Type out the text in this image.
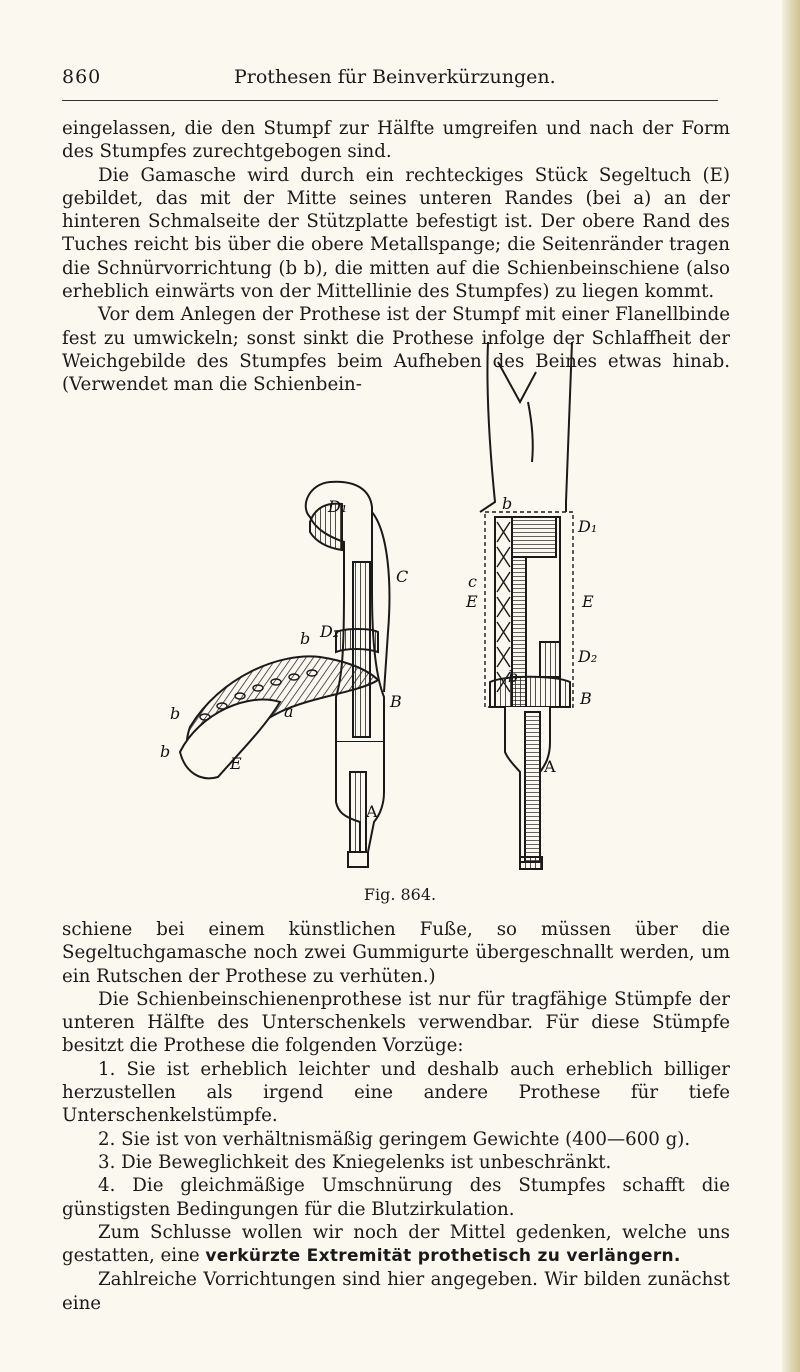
860	Prothesen für Beinverkürzungen.

eingelassen, die den Stumpf zur Hälfte umgreifen und nach der Form des Stumpfes zurechtgebogen sind.

Die Gamasche wird durch ein rechteckiges Stück Segeltuch (E) gebildet, das mit der Mitte seines unteren Randes (bei a) an der hinteren Schmalseite der Stützplatte befestigt ist. Der obere Rand des Tuches reicht bis über die obere Metallspange; die Seitenränder tragen die Schnürvorrichtung (b b), die mitten auf die Schienbeinschiene (also erheblich einwärts von der Mittellinie des Stumpfes) zu liegen kommt.

Vor dem Anlegen der Prothese ist der Stumpf mit einer Flanellbinde fest zu umwickeln; sonst sinkt die Prothese infolge der Schlaffheit der Weichgebilde des Stumpfes beim Aufheben des Beines etwas hinab. (Verwendet man die Schienbein-

D₁
C
b D₂
B
a
b
b
E
A
b
D₁
c
E	E
D₂
b
B
A
Fig. 864.

schiene bei einem künstlichen Fuße, so müssen über die Segeltuchgamasche noch zwei Gummigurte übergeschnallt werden, um ein Rutschen der Prothese zu verhüten.)

Die Schienbeinschienenprothese ist nur für tragfähige Stümpfe der unteren Hälfte des Unterschenkels verwendbar. Für diese Stümpfe besitzt die Prothese die folgenden Vorzüge:

1. Sie ist erheblich leichter und deshalb auch erheblich billiger herzustellen als irgend eine andere Prothese für tiefe Unterschenkelstümpfe.

2. Sie ist von verhältnismäßig geringem Gewichte (400—600 g).

3. Die Beweglichkeit des Kniegelenks ist unbeschränkt.

4. Die gleichmäßige Umschnürung des Stumpfes schafft die günstigsten Bedingungen für die Blutzirkulation.

Zum Schlusse wollen wir noch der Mittel gedenken, welche uns gestatten, eine verkürzte Extremität prothetisch zu verlängern.

Zahlreiche Vorrichtungen sind hier angegeben. Wir bilden zunächst eine
